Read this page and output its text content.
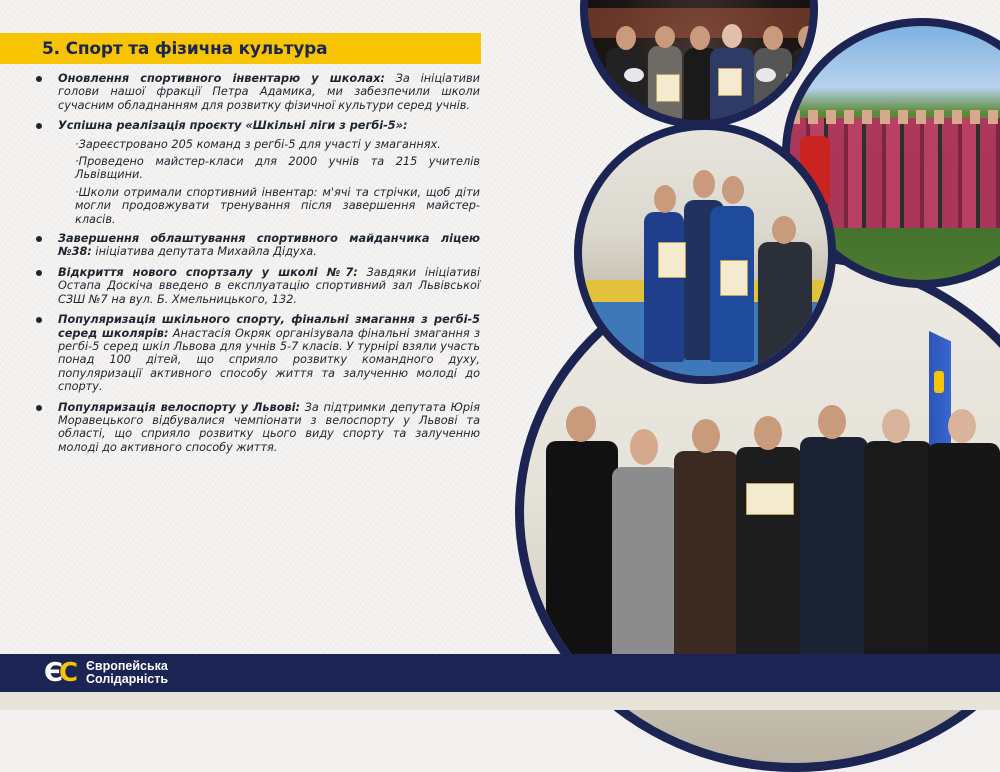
5. Спорт та фізична культура
Оновлення спортивного інвентарю у школах: За ініціативи голови нашої фракції Петра Адамика, ми забезпечили школи сучасним обладнанням для розвитку фізичної культури серед учнів.
Успішна реалізація проєкту «Шкільні ліги з регбі-5»:
·Зареєстровано 205 команд з регбі-5 для участі у змаганнях.
·Проведено майстер-класи для 2000 учнів та 215 учителів Львівщини.
·Школи отримали спортивний інвентар: м'ячі та стрічки, щоб діти могли продовжувати тренування після завершення майстер-класів.
Завершення облаштування спортивного майданчика ліцею №38: ініціатива депутата Михайла Дідуха.
Відкриття нового спортзалу у школі №7: Завдяки ініціативі Остапа Доскіча введено в експлуатацію спортивний зал Львівської СЗШ №7 на вул. Б. Хмельницького, 132.
Популяризація шкільного спорту, фінальні змагання з регбі-5 серед школярів: Анастасія Окряк організувала фінальні змагання з регбі-5 серед шкіл Львова для учнів 5-7 класів. У турнірі взяли участь понад 100 дітей, що сприяло розвитку командного духу, популяризації активного способу життя та залученню молоді до спорту.
Популяризація велоспорту у Львові: За підтримки депутата Юрія Моравецького відбувалися чемпіонати з велоспорту у Львові та області, що сприяло розвитку цього виду спорту та залученню молоді до активного способу життя.
Є
С Європейська
Солідарність
